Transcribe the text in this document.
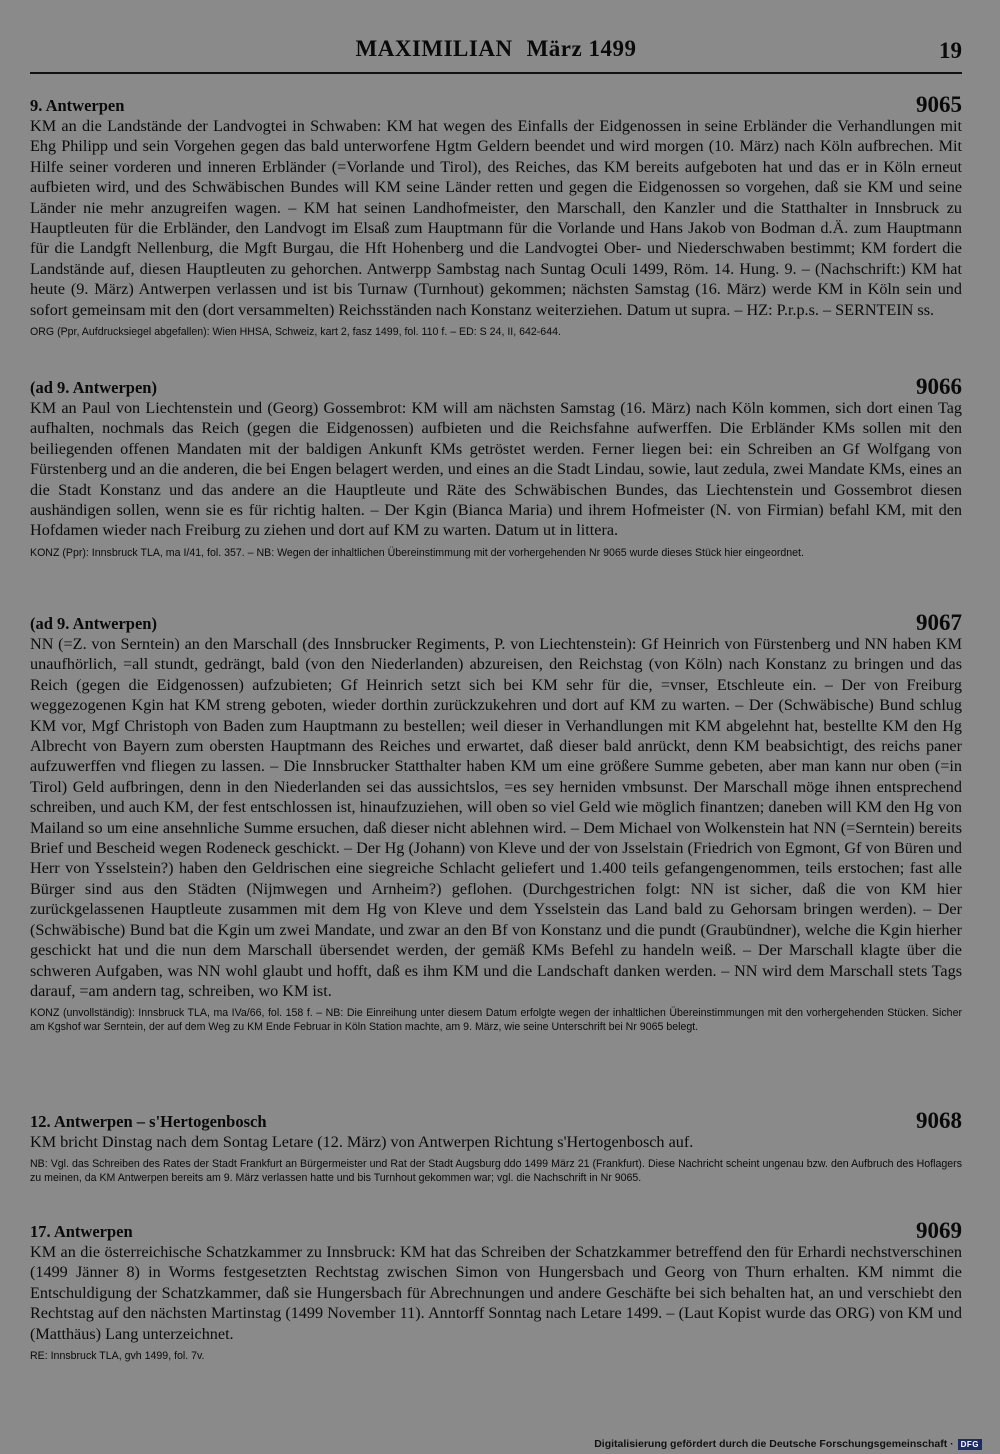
MAXIMILIAN März 1499	19
9. Antwerpen	9065

KM an die Landstände der Landvogtei in Schwaben: KM hat wegen des Einfalls der Eidgenossen in seine Erbländer die Verhandlungen mit Ehg Philipp und sein Vorgehen gegen das bald unterworfene Hgtm Geldern beendet und wird morgen (10. März) nach Köln aufbrechen. Mit Hilfe seiner vorderen und inneren Erbländer (=Vorlande und Tirol), des Reiches, das KM bereits aufgeboten hat und das er in Köln erneut aufbieten wird, und des Schwäbischen Bundes will KM seine Länder retten und gegen die Eidgenossen so vorgehen, daß sie KM und seine Länder nie mehr anzugreifen wagen. – KM hat seinen Landhofmeister, den Marschall, den Kanzler und die Statthalter in Innsbruck zu Hauptleuten für die Erbländer, den Landvogt im Elsaß zum Hauptmann für die Vorlande und Hans Jakob von Bodman d.Ä. zum Hauptmann für die Landgft Nellenburg, die Mgft Burgau, die Hft Hohenberg und die Landvogtei Ober- und Niederschwaben bestimmt; KM fordert die Landstände auf, diesen Hauptleuten zu gehorchen. Antwerpp Sambstag nach Suntag Oculi 1499, Röm. 14. Hung. 9. – (Nachschrift:) KM hat heute (9. März) Antwerpen verlassen und ist bis Turnaw (Turnhout) gekommen; nächsten Samstag (16. März) werde KM in Köln sein und sofort gemeinsam mit den (dort versammelten) Reichsständen nach Konstanz weiterziehen. Datum ut supra. – HZ: P.r.p.s. – SERNTEIN ss.

ORG (Ppr, Aufdrucksiegel abgefallen): Wien HHSA, Schweiz, kart 2, fasz 1499, fol. 110 f. – ED: S 24, II, 642-644.
(ad 9. Antwerpen)	9066

KM an Paul von Liechtenstein und (Georg) Gossembrot: KM will am nächsten Samstag (16. März) nach Köln kommen, sich dort einen Tag aufhalten, nochmals das Reich (gegen die Eidgenossen) aufbieten und die Reichsfahne aufwerffen. Die Erbländer KMs sollen mit den beiliegenden offenen Mandaten mit der baldigen Ankunft KMs getröstet werden. Ferner liegen bei: ein Schreiben an Gf Wolfgang von Fürstenberg und an die anderen, die bei Engen belagert werden, und eines an die Stadt Lindau, sowie, laut zedula, zwei Mandate KMs, eines an die Stadt Konstanz und das andere an die Hauptleute und Räte des Schwäbischen Bundes, das Liechtenstein und Gossembrot diesen aushändigen sollen, wenn sie es für richtig halten. – Der Kgin (Bianca Maria) und ihrem Hofmeister (N. von Firmian) befahl KM, mit den Hofdamen wieder nach Freiburg zu ziehen und dort auf KM zu warten. Datum ut in littera.

KONZ (Ppr): Innsbruck TLA, ma I/41, fol. 357. – NB: Wegen der inhaltlichen Übereinstimmung mit der vorhergehenden Nr 9065 wurde dieses Stück hier eingeordnet.
(ad 9. Antwerpen)	9067

NN (=Z. von Serntein) an den Marschall (des Innsbrucker Regiments, P. von Liechtenstein): Gf Heinrich von Fürstenberg und NN haben KM unaufhörlich, =all stundt, gedrängt, bald (von den Niederlanden) abzureisen, den Reichstag (von Köln) nach Konstanz zu bringen und das Reich (gegen die Eidgenossen) aufzubieten; Gf Heinrich setzt sich bei KM sehr für die, =vnser, Etschleute ein. – Der von Freiburg weggezogenen Kgin hat KM streng geboten, wieder dorthin zurückzukehren und dort auf KM zu warten. – Der (Schwäbische) Bund schlug KM vor, Mgf Christoph von Baden zum Hauptmann zu bestellen; weil dieser in Verhandlungen mit KM abgelehnt hat, bestellte KM den Hg Albrecht von Bayern zum obersten Hauptmann des Reiches und erwartet, daß dieser bald anrückt, denn KM beabsichtigt, des reichs paner aufzuwerffen vnd fliegen zu lassen. – Die Innsbrucker Statthalter haben KM um eine größere Summe gebeten, aber man kann nur oben (=in Tirol) Geld aufbringen, denn in den Niederlanden sei das aussichtslos, =es sey herniden vmbsunst. Der Marschall möge ihnen entsprechend schreiben, und auch KM, der fest entschlossen ist, hinaufzuziehen, will oben so viel Geld wie möglich finantzen; daneben will KM den Hg von Mailand so um eine ansehnliche Summe ersuchen, daß dieser nicht ablehnen wird. – Dem Michael von Wolkenstein hat NN (=Serntein) bereits Brief und Bescheid wegen Rodeneck geschickt. – Der Hg (Johann) von Kleve und der von Jsselstain (Friedrich von Egmont, Gf von Büren und Herr von Ysselstein?) haben den Geldrischen eine siegreiche Schlacht geliefert und 1.400 teils gefangengenommen, teils erstochen; fast alle Bürger sind aus den Städten (Nijmwegen und Arnheim?) geflohen. (Durchgestrichen folgt: NN ist sicher, daß die von KM hier zurückgelassenen Hauptleute zusammen mit dem Hg von Kleve und dem Ysselstein das Land bald zu Gehorsam bringen werden). – Der (Schwäbische) Bund bat die Kgin um zwei Mandate, und zwar an den Bf von Konstanz und die pundt (Graubündner), welche die Kgin hierher geschickt hat und die nun dem Marschall übersendet werden, der gemäß KMs Befehl zu handeln weiß. – Der Marschall klagte über die schweren Aufgaben, was NN wohl glaubt und hofft, daß es ihm KM und die Landschaft danken werden. – NN wird dem Marschall stets Tags darauf, =am andern tag, schreiben, wo KM ist.

KONZ (unvollständig): Innsbruck TLA, ma IVa/66, fol. 158 f. – NB: Die Einreihung unter diesem Datum erfolgte wegen der inhaltlichen Übereinstimmungen mit den vorhergehenden Stücken. Sicher am Kgshof war Serntein, der auf dem Weg zu KM Ende Februar in Köln Station machte, am 9. März, wie seine Unterschrift bei Nr 9065 belegt.
12. Antwerpen – s'Hertogenbosch	9068

KM bricht Dinstag nach dem Sontag Letare (12. März) von Antwerpen Richtung s'Hertogenbosch auf.

NB: Vgl. das Schreiben des Rates der Stadt Frankfurt an Bürgermeister und Rat der Stadt Augsburg ddo 1499 März 21 (Frankfurt). Diese Nachricht scheint ungenau bzw. den Aufbruch des Hoflagers zu meinen, da KM Antwerpen bereits am 9. März verlassen hatte und bis Turnhout gekommen war; vgl. die Nachschrift in Nr 9065.
17. Antwerpen	9069

KM an die österreichische Schatzkammer zu Innsbruck: KM hat das Schreiben der Schatzkammer betreffend den für Erhardi nechstverschinen (1499 Jänner 8) in Worms festgesetzten Rechtstag zwischen Simon von Hungersbach und Georg von Thurn erhalten. KM nimmt die Entschuldigung der Schatzkammer, daß sie Hungersbach für Abrechnungen und andere Geschäfte bei sich behalten hat, an und verschiebt den Rechtstag auf den nächsten Martinstag (1499 November 11). Anntorff Sonntag nach Letare 1499. – (Laut Kopist wurde das ORG) von KM und (Matthäus) Lang unterzeichnet.

RE: Innsbruck TLA, gvh 1499, fol. 7v.
Digitalisierung gefördert durch die Deutsche Forschungsgemeinschaft · DFG
